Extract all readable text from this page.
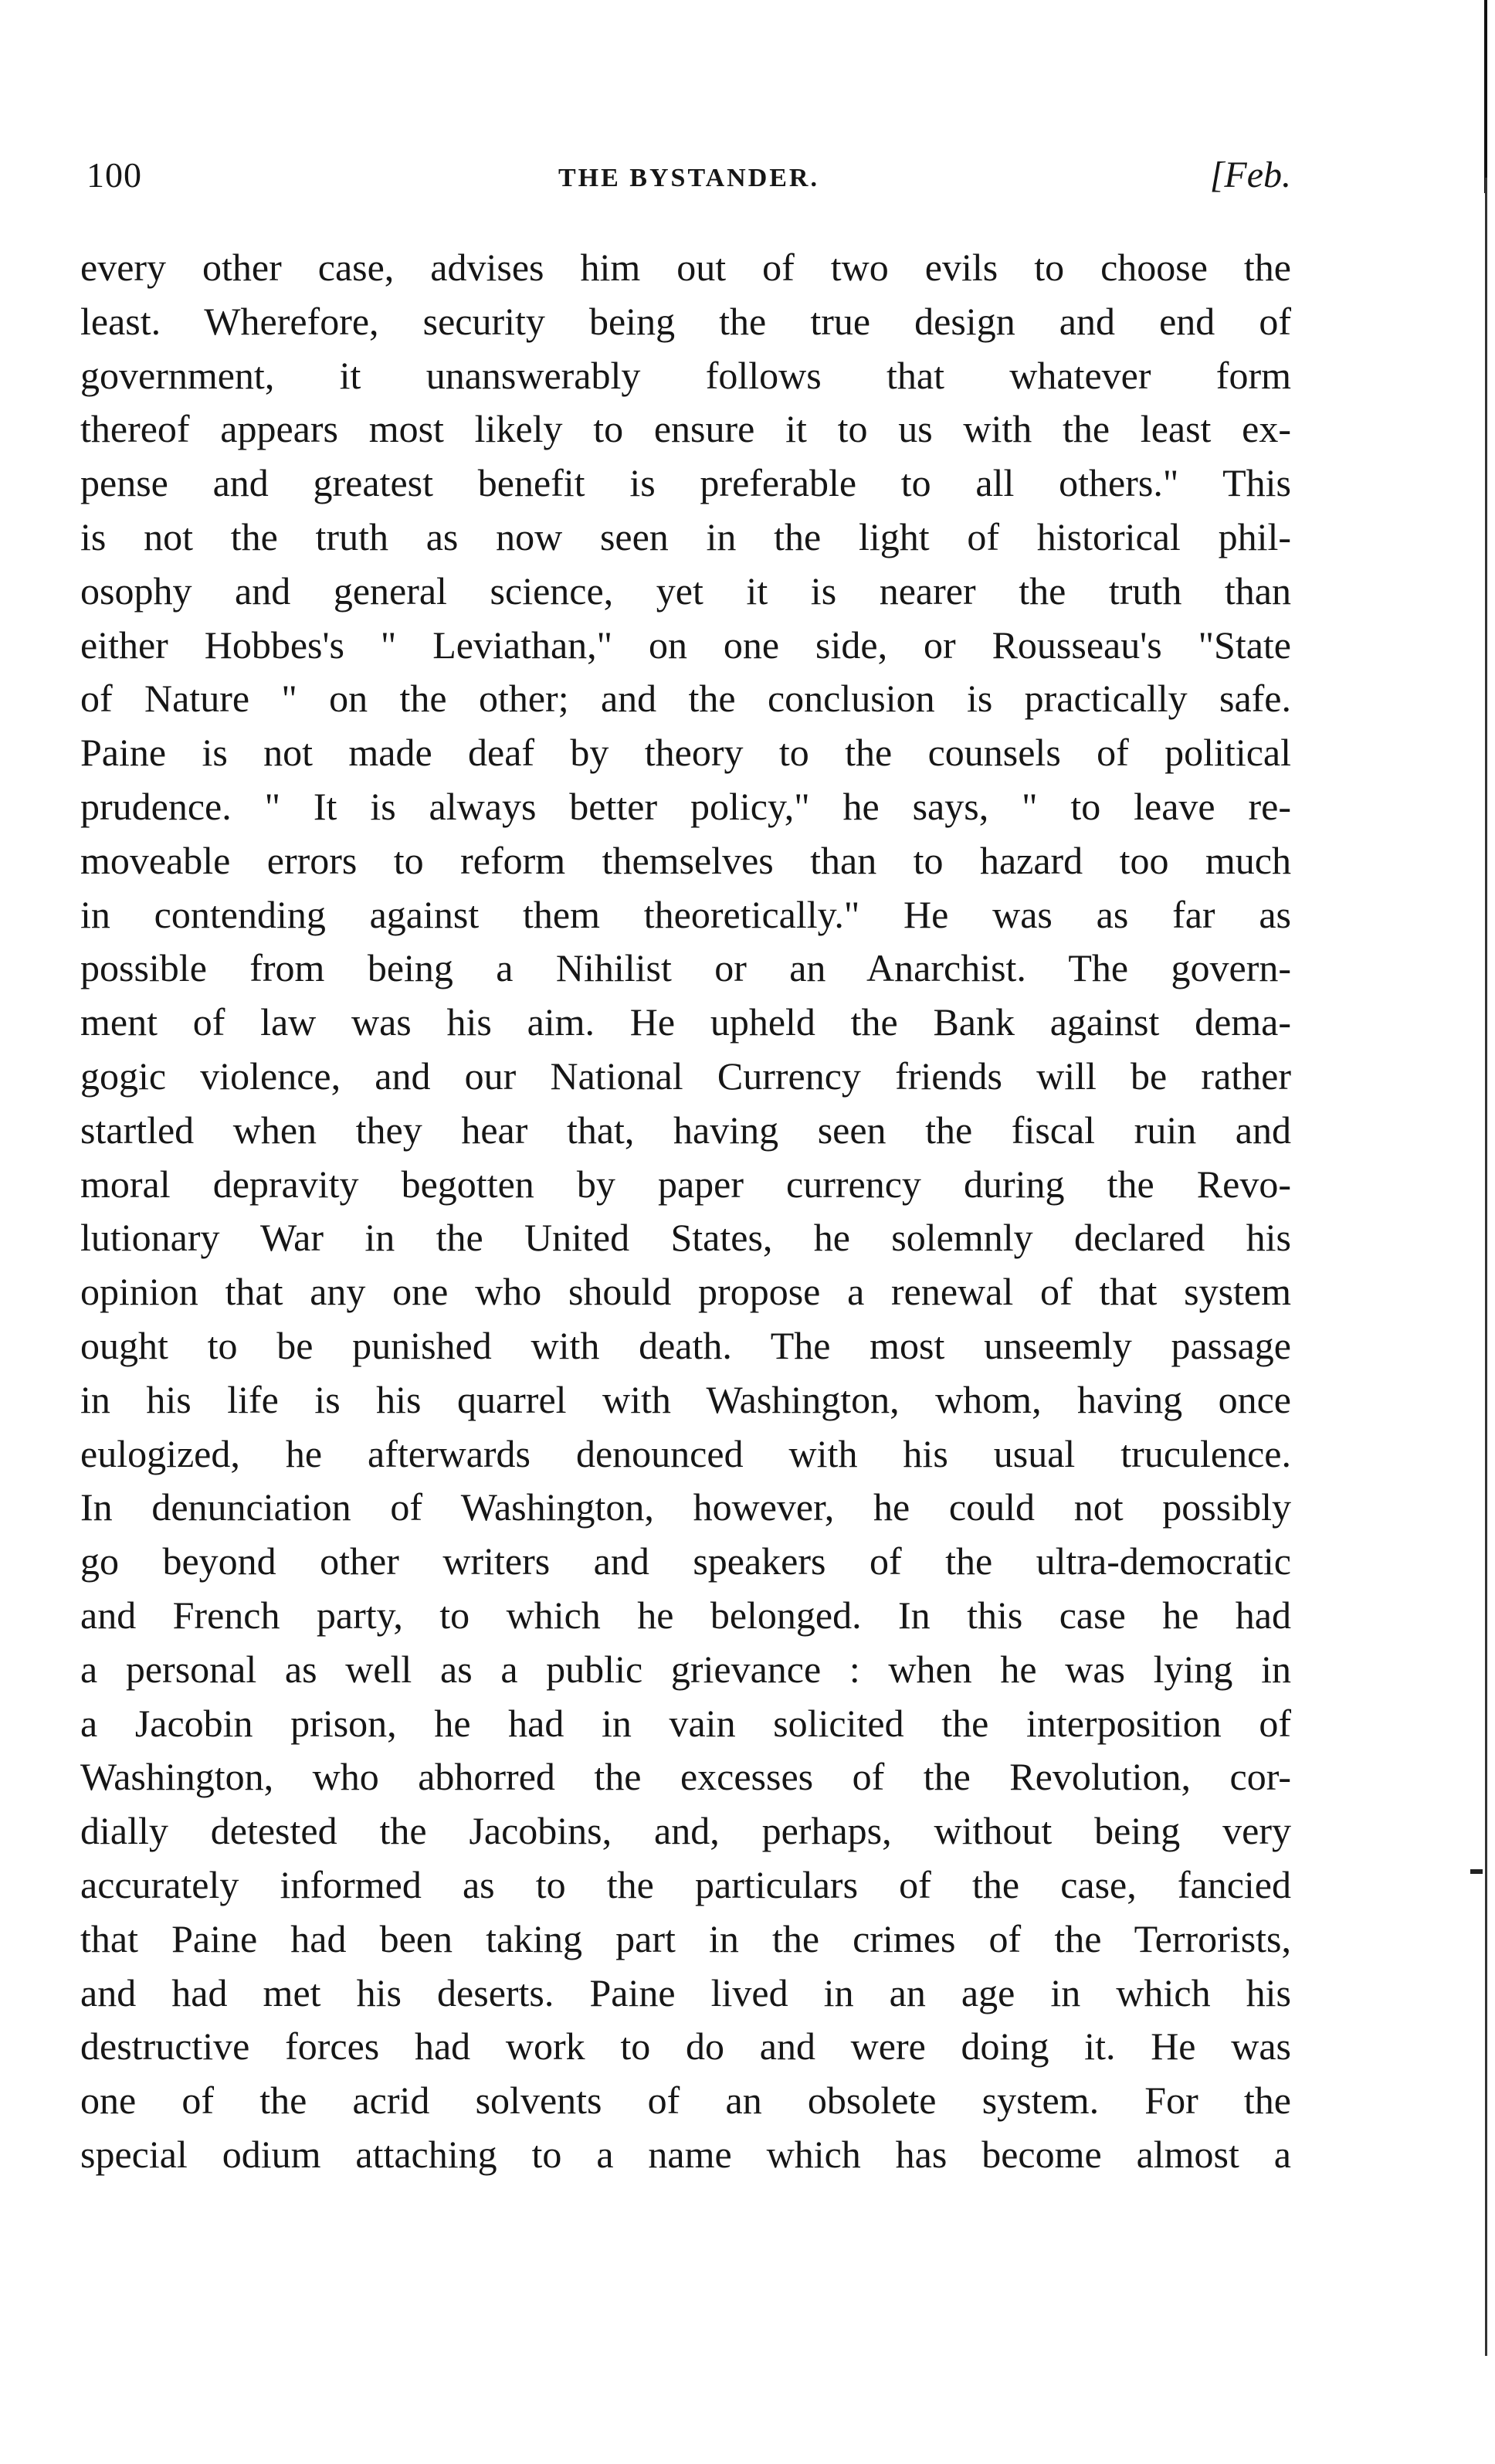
100	THE BYSTANDER.	[Feb.
every other case, advises him out of two evils to choose the
least. Wherefore, security being the true design and end of
government, it unanswerably follows that whatever form
thereof appears most likely to ensure it to us with the least ex-
pense and greatest benefit is preferable to all others." This
is not the truth as now seen in the light of historical phil-
osophy and general science, yet it is nearer the truth than
either Hobbes's " Leviathan," on one side, or Rousseau's "State
of Nature " on the other; and the conclusion is practically safe.
Paine is not made deaf by theory to the counsels of political
prudence. " It is always better policy," he says, " to leave re-
moveable errors to reform themselves than to hazard too much
in contending against them theoretically." He was as far as
possible from being a Nihilist or an Anarchist. The govern-
ment of law was his aim. He upheld the Bank against dema-
gogic violence, and our National Currency friends will be rather
startled when they hear that, having seen the fiscal ruin and
moral depravity begotten by paper currency during the Revo-
lutionary War in the United States, he solemnly declared his
opinion that any one who should propose a renewal of that system
ought to be punished with death. The most unseemly passage
in his life is his quarrel with Washington, whom, having once
eulogized, he afterwards denounced with his usual truculence.
In denunciation of Washington, however, he could not possibly
go beyond other writers and speakers of the ultra-democratic
and French party, to which he belonged. In this case he had
a personal as well as a public grievance : when he was lying in
a Jacobin prison, he had in vain solicited the interposition of
Washington, who abhorred the excesses of the Revolution, cor-
dially detested the Jacobins, and, perhaps, without being very
accurately informed as to the particulars of the case, fancied
that Paine had been taking part in the crimes of the Terrorists,
and had met his deserts. Paine lived in an age in which his
destructive forces had work to do and were doing it. He was
one of the acrid solvents of an obsolete system. For the
special odium attaching to a name which has become almost a
